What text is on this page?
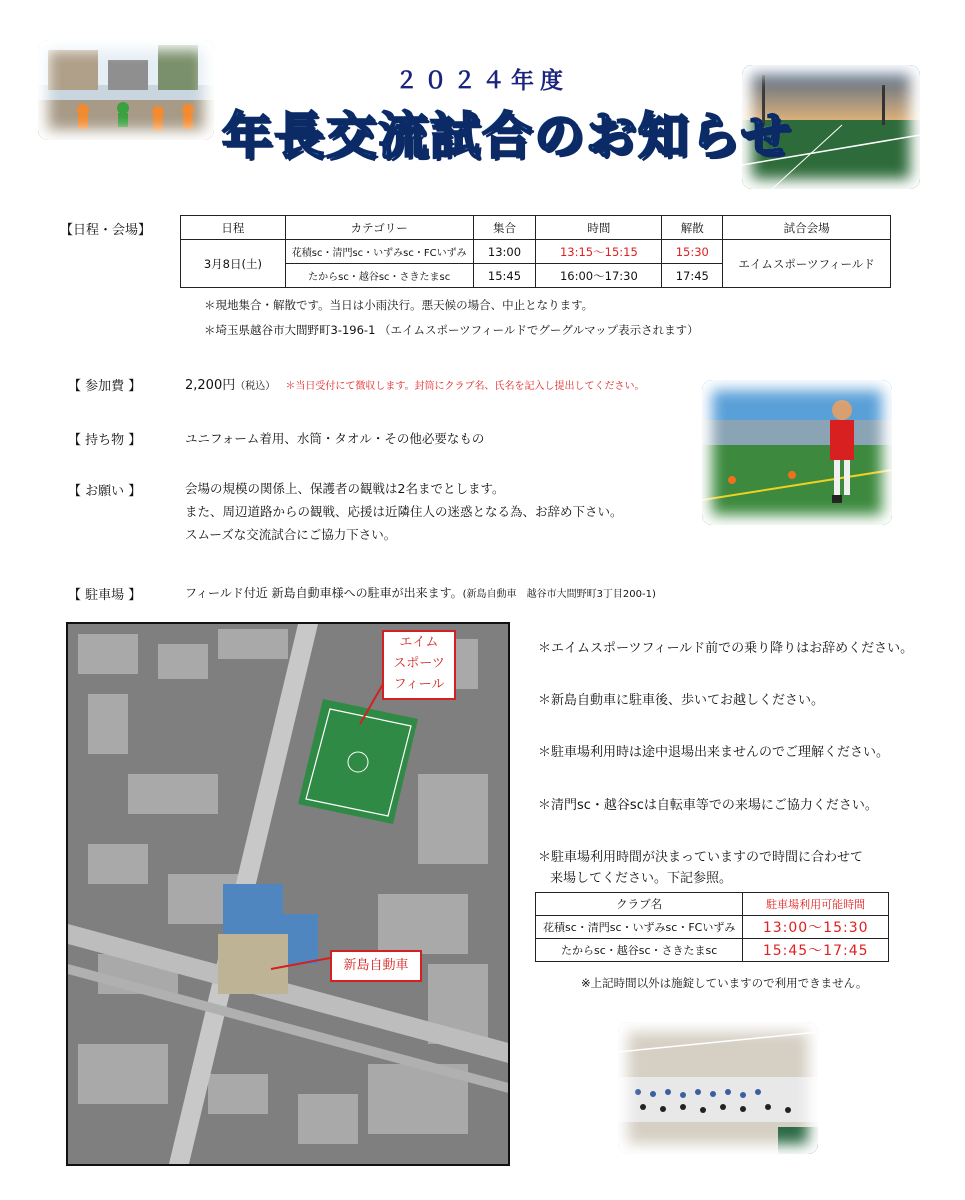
２０２４年度
年長交流試合のお知らせ
【日程・会場】	日程	カテゴリー	集合	時間	解散	試合会場
3月8日(土)	花積sc・清門sc・いずみsc・FCいずみ	13:00	13:15～15:15	15:30	エイムスポーツフィールド
	たからsc・越谷sc・さきたまsc	15:45	16:00～17:30	17:45	
＊現地集合・解散です。当日は小雨決行。悪天候の場合、中止となります。
＊埼玉県越谷市大間野町3-196-1 （エイムスポーツフィールドでグーグルマップ表示されます）
【 参加費 】	2,200円（税込） ＊当日受付にて徴収します。封筒にクラブ名、氏名を記入し提出してください。
【 持ち物 】	ユニフォーム着用、水筒・タオル・その他必要なもの
【 お願い 】	会場の規模の関係上、保護者の観戦は2名までとします。
また、周辺道路からの観戦、応援は近隣住人の迷惑となる為、お辞め下さい。
スムーズな交流試合にご協力下さい。
【 駐車場 】	フィールド付近 新島自動車様への駐車が出来ます。(新島自動車　越谷市大間野町3丁目200-1)
エイム
スポーツ
フィール
新島自動車
＊エイムスポーツフィールド前での乗り降りはお辞めください。
＊新島自動車に駐車後、歩いてお越しください。
＊駐車場利用時は途中退場出来ませんのでご理解ください。
＊清門sc・越谷scは自転車等での来場にご協力ください。
＊駐車場利用時間が決まっていますので時間に合わせて
来場してください。下記参照。
クラブ名	駐車場利用可能時間
花積sc・清門sc・いずみsc・FCいずみ	13:00～15:30
たからsc・越谷sc・さきたまsc	15:45～17:45
※上記時間以外は施錠していますので利用できません。
